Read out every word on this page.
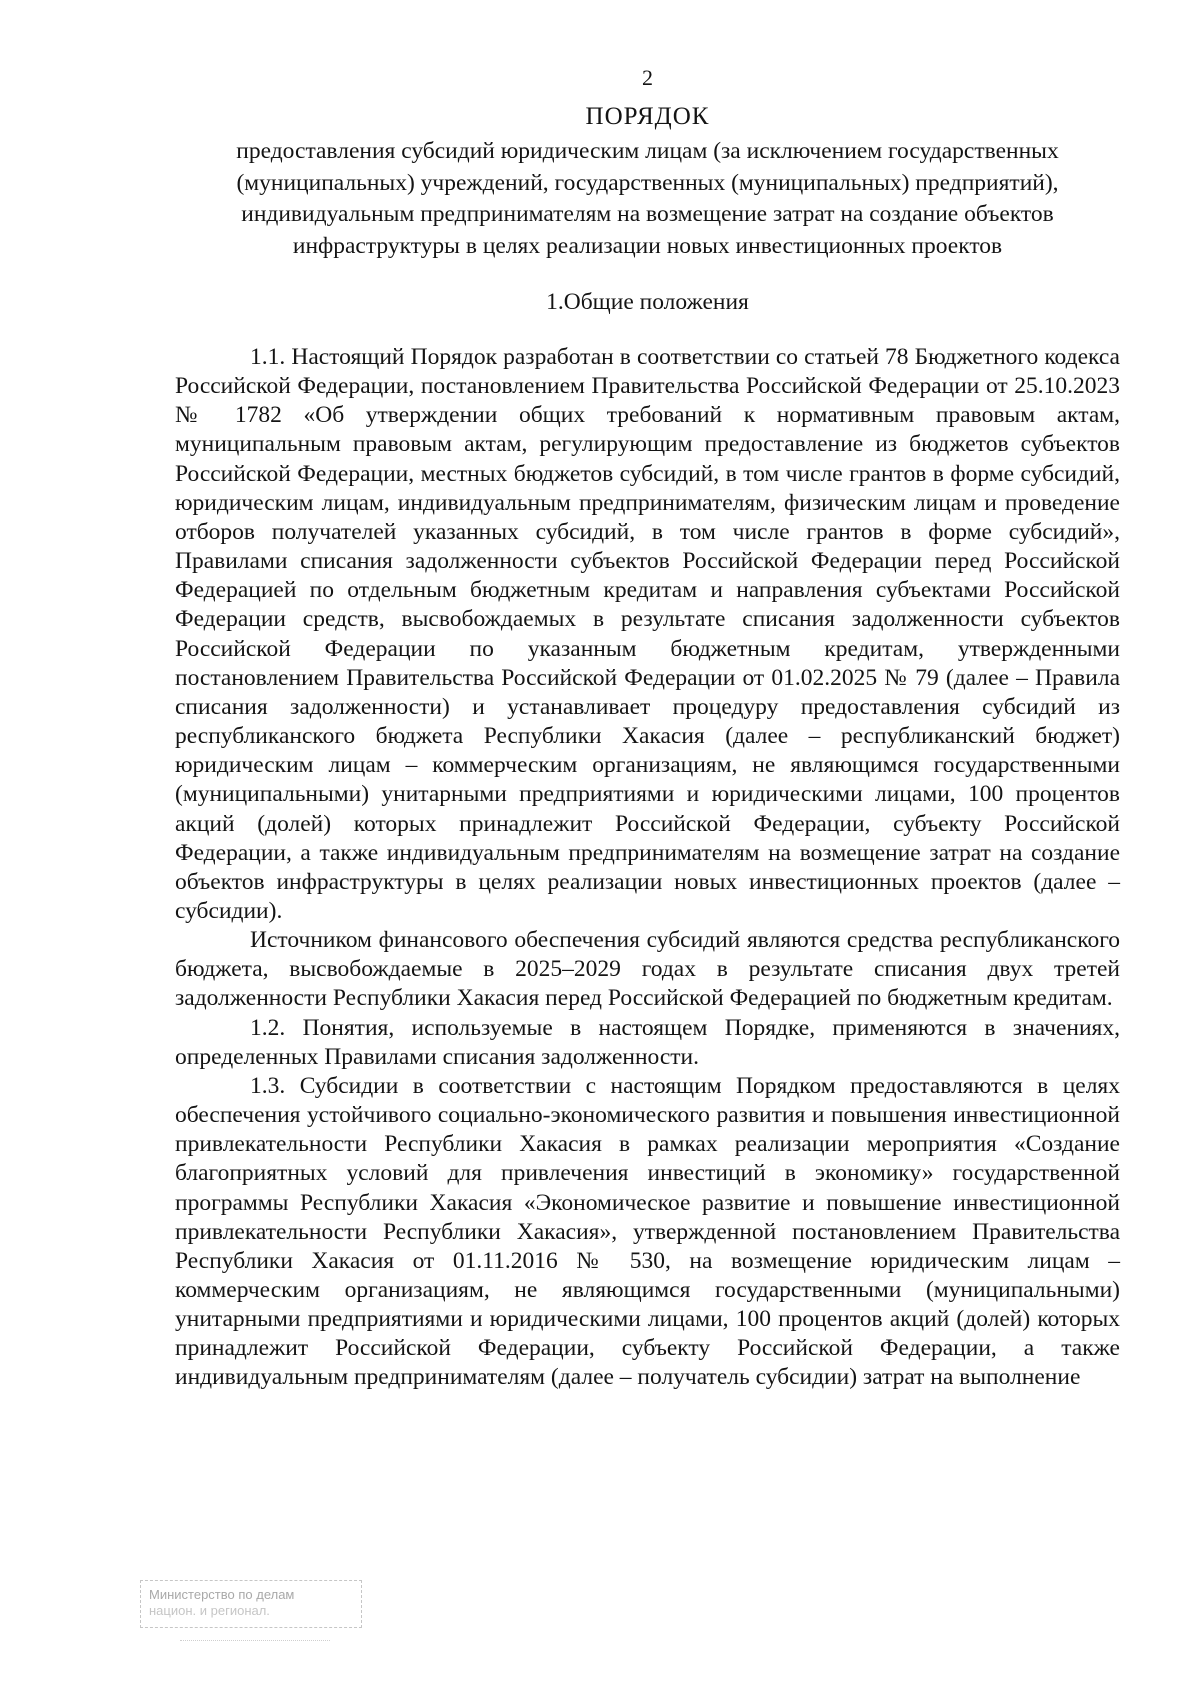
2
ПОРЯДОК
предоставления субсидий юридическим лицам (за исключением государственных
(муниципальных) учреждений, государственных (муниципальных) предприятий),
индивидуальным предпринимателям на возмещение затрат на создание объектов
инфраструктуры в целях реализации новых инвестиционных проектов
1.Общие положения

1.1. Настоящий Порядок разработан в соответствии со статьей 78 Бюджетного кодекса Российской Федерации, постановлением Правительства Российской Федерации от 25.10.2023 № 1782 «Об утверждении общих требований к нормативным правовым актам, муниципальным правовым актам, регулирующим предоставление из бюджетов субъектов Российской Федерации, местных бюджетов субсидий, в том числе грантов в форме субсидий, юридическим лицам, индивидуальным предпринимателям, физическим лицам и проведение отборов получателей указанных субсидий, в том числе грантов в форме субсидий», Правилами списания задолженности субъектов Российской Федерации перед Российской Федерацией по отдельным бюджетным кредитам и направления субъектами Российской Федерации средств, высвобождаемых в результате списания задолженности субъектов Российской Федерации по указанным бюджетным кредитам, утвержденными постановлением Правительства Российской Федерации от 01.02.2025 № 79 (далее – Правила списания задолженности) и устанавливает процедуру предоставления субсидий из республиканского бюджета Республики Хакасия (далее – республиканский бюджет) юридическим лицам – коммерческим организациям, не являющимся государственными (муниципальными) унитарными предприятиями и юридическими лицами, 100 процентов акций (долей) которых принадлежит Российской Федерации, субъекту Российской Федерации, а также индивидуальным предпринимателям на возмещение затрат на создание объектов инфраструктуры в целях реализации новых инвестиционных проектов (далее – субсидии).

Источником финансового обеспечения субсидий являются средства республиканского бюджета, высвобождаемые в 2025–2029 годах в результате списания двух третей задолженности Республики Хакасия перед Российской Федерацией по бюджетным кредитам.

1.2. Понятия, используемые в настоящем Порядке, применяются в значениях, определенных Правилами списания задолженности.

1.3. Субсидии в соответствии с настоящим Порядком предоставляются в целях обеспечения устойчивого социально-экономического развития и повышения инвестиционной привлекательности Республики Хакасия в рамках реализации мероприятия «Создание благоприятных условий для привлечения инвестиций в экономику» государственной программы Республики Хакасия «Экономическое развитие и повышение инвестиционной привлекательности Республики Хакасия», утвержденной постановлением Правительства Республики Хакасия от 01.11.2016 № 530, на возмещение юридическим лицам – коммерческим организациям, не являющимся государственными (муниципальными) унитарными предприятиями и юридическими лицами, 100 процентов акций (долей) которых принадлежит Российской Федерации, субъекту Российской Федерации, а также индивидуальным предпринимателям (далее – получатель субсидии) затрат на выполнение

Министерство по делам
национ. и регионал.
